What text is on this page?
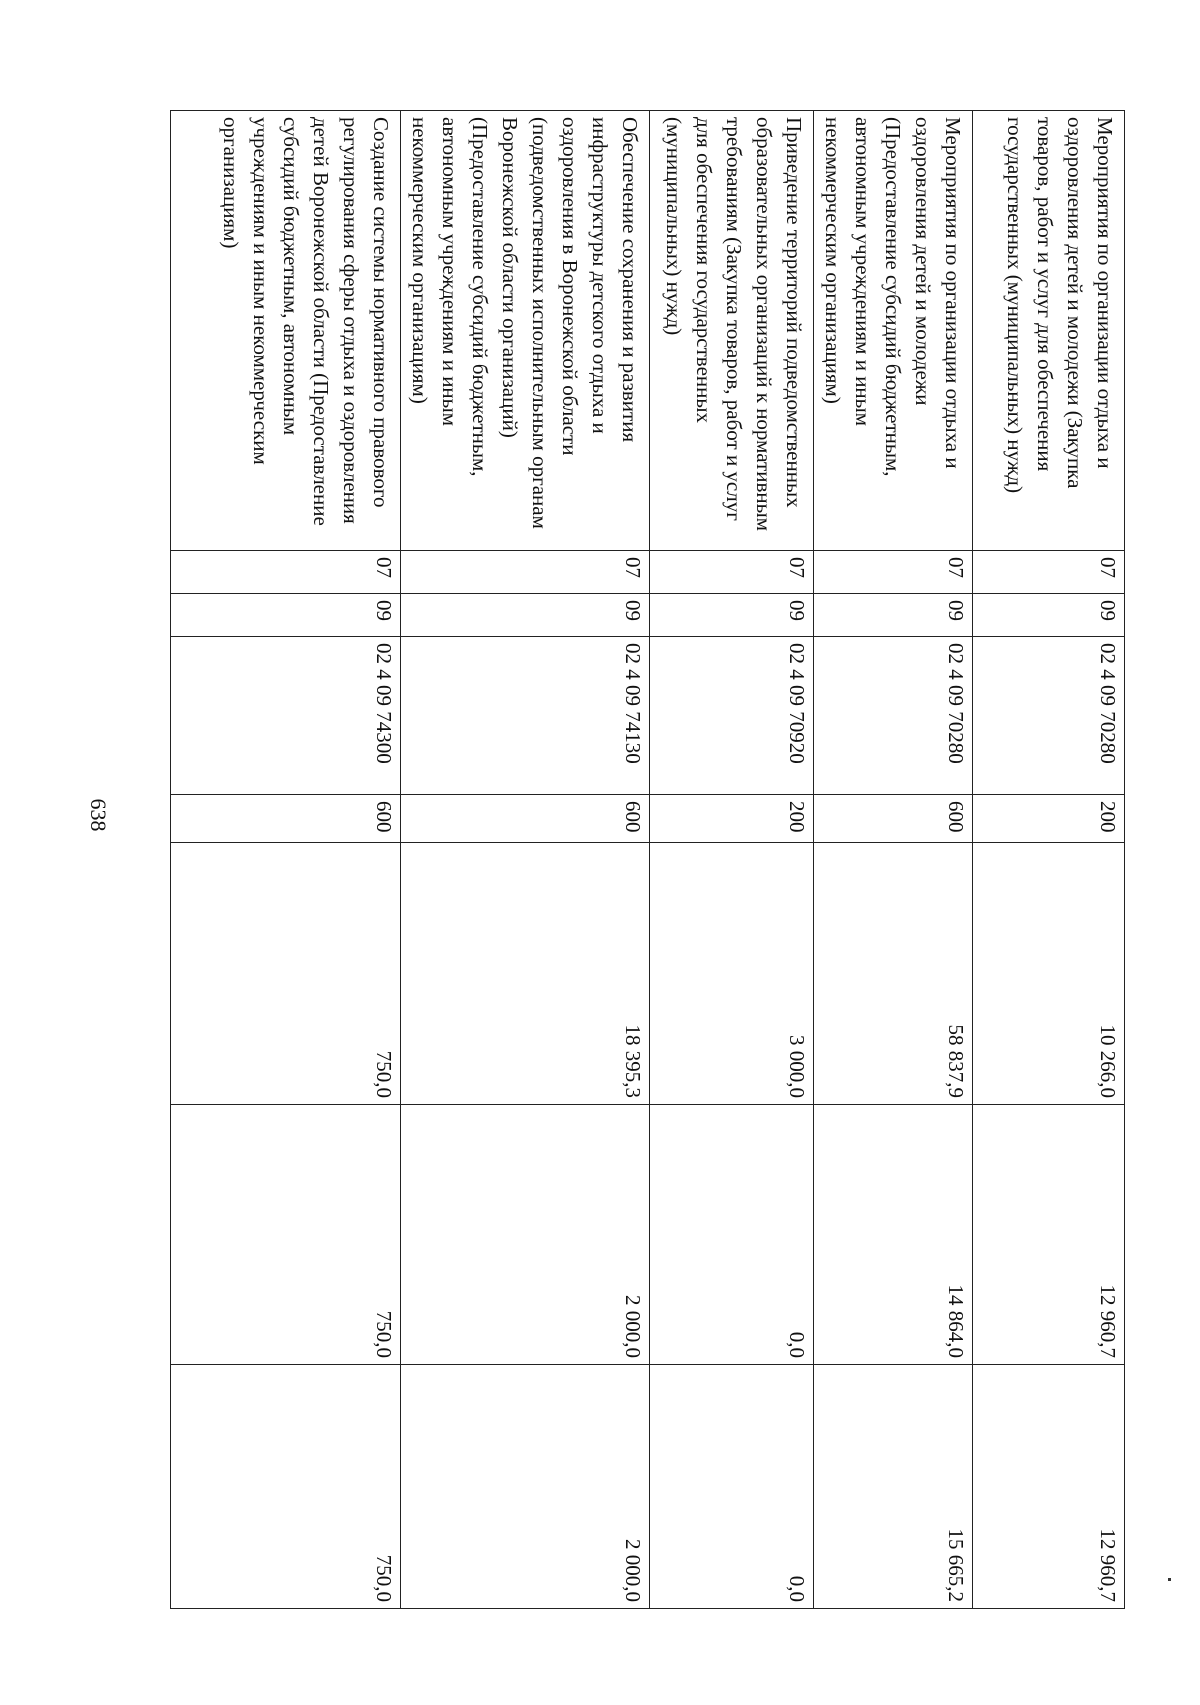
638
Мероприятия по организации отдыха и оздоровления детей и молодежи (Закупка товаров, работ и услуг для обеспечения государственных (муниципальных) нужд)	07	09	02 4 09 70280	200	10 266,0	12 960,7	12 960,7
Мероприятия по организации отдыха и оздоровления детей и молодежи (Предоставление субсидий бюджетным, автономным учреждениям и иным некоммерческим организациям)	07	09	02 4 09 70280	600	58 837,9	14 864,0	15 665,2
Приведение территорий подведомственных образовательных организаций к нормативным требованиям (Закупка товаров, работ и услуг для обеспечения государственных (муниципальных) нужд)	07	09	02 4 09 70920	200	3 000,0	0,0	0,0
Обеспечение сохранения и развития инфраструктуры детского отдыха и оздоровления в Воронежской области (подведомственных исполнительным органам Воронежской области организаций) (Предоставление субсидий бюджетным, автономным учреждениям и иным некоммерческим организациям)	07	09	02 4 09 74130	600	18 395,3	2 000,0	2 000,0
Создание системы нормативного правового регулирования сферы отдыха и оздоровления детей Воронежской области (Предоставление субсидий бюджетным, автономным учреждениям и иным некоммерческим организациям)	07	09	02 4 09 74300	600	750,0	750,0	750,0
